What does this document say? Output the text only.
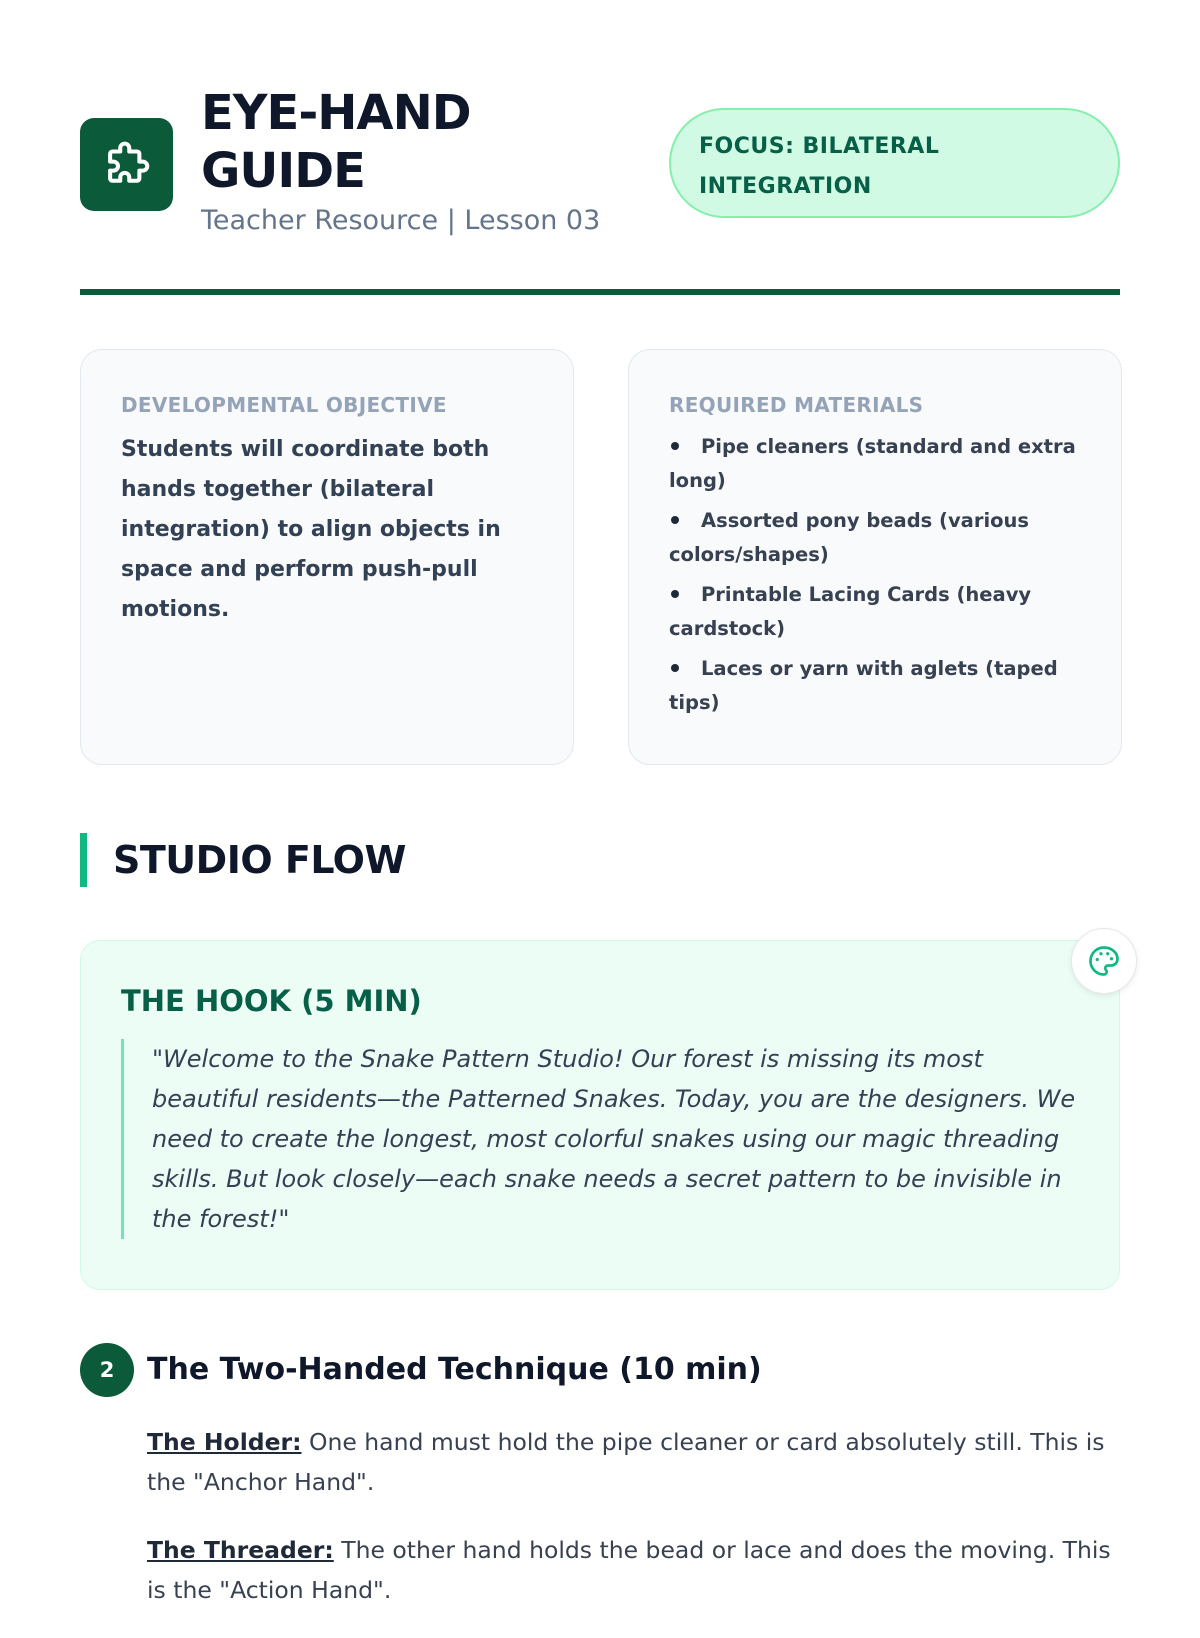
EYE-HAND GUIDE
Teacher Resource | Lesson 03
FOCUS: BILATERAL INTEGRATION
DEVELOPMENTAL OBJECTIVE
Students will coordinate both hands together (bilateral integration) to align objects in space and perform push-pull motions.
REQUIRED MATERIALS
Pipe cleaners (standard and extra long)
Assorted pony beads (various colors/shapes)
Printable Lacing Cards (heavy cardstock)
Laces or yarn with aglets (taped tips)
STUDIO FLOW
THE HOOK (5 MIN)
"Welcome to the Snake Pattern Studio! Our forest is missing its most beautiful residents—the Patterned Snakes. Today, you are the designers. We need to create the longest, most colorful snakes using our magic threading skills. But look closely—each snake needs a secret pattern to be invisible in the forest!"
2	The Two-Handed Technique (10 min)

The Holder: One hand must hold the pipe cleaner or card absolutely still. This is the "Anchor Hand".

The Threader: The other hand holds the bead or lace and does the moving. This is the "Action Hand".
